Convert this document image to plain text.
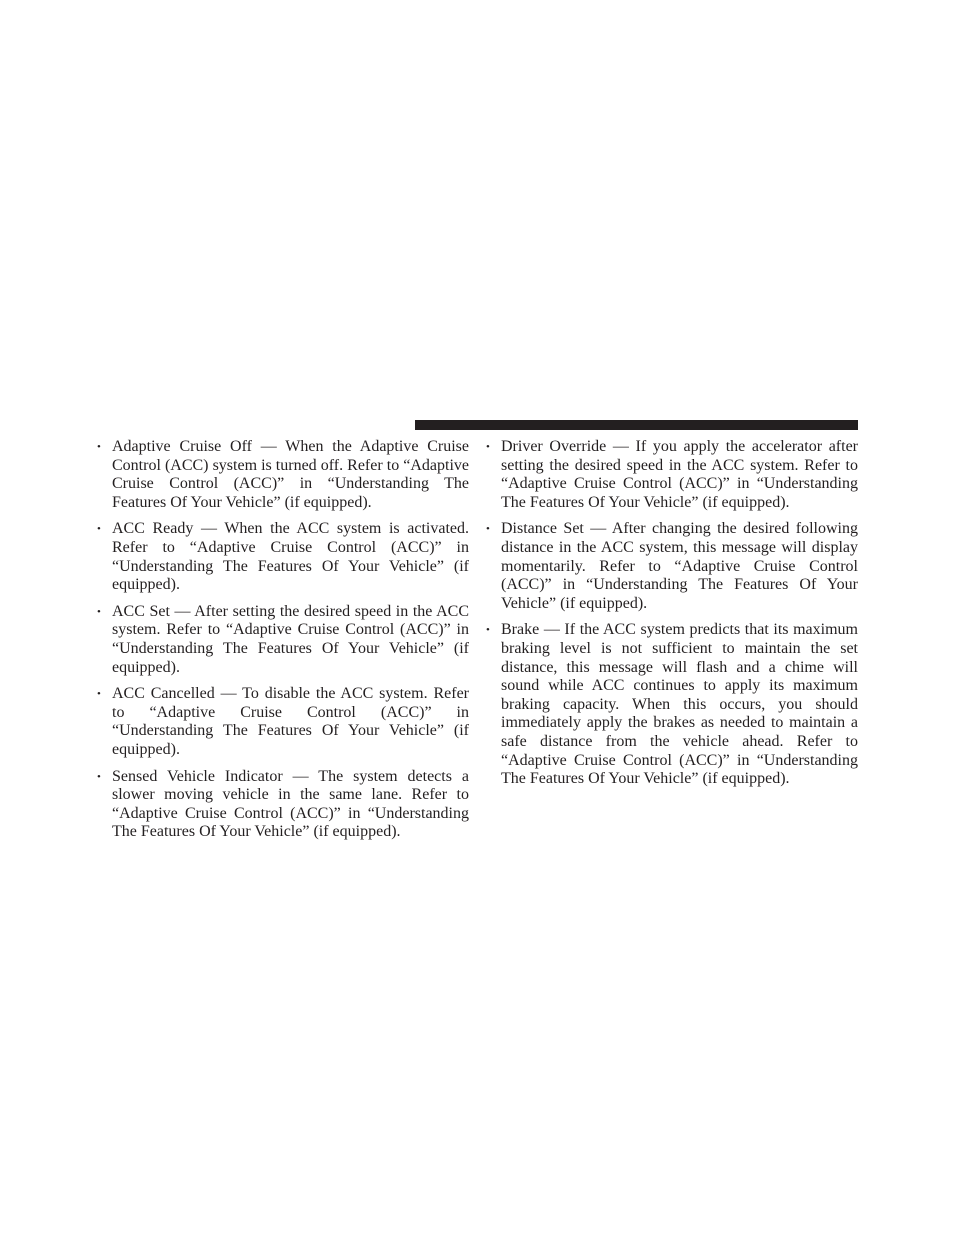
• Adaptive Cruise Off — When the Adaptive Cruise Control (ACC) system is turned off. Refer to “Adaptive Cruise Control (ACC)” in “Understanding The Features Of Your Vehicle” (if equipped).
• ACC Ready — When the ACC system is activated. Refer to “Adaptive Cruise Control (ACC)” in “Understanding The Features Of Your Vehicle” (if equipped).
• ACC Set — After setting the desired speed in the ACC system. Refer to “Adaptive Cruise Control (ACC)” in “Understanding The Features Of Your Vehicle” (if equipped).
• ACC Cancelled — To disable the ACC system. Refer to “Adaptive Cruise Control (ACC)” in “Understanding The Features Of Your Vehicle” (if equipped).
• Sensed Vehicle Indicator — The system detects a slower moving vehicle in the same lane. Refer to “Adaptive Cruise Control (ACC)” in “Understanding The Features Of Your Vehicle” (if equipped).
• Driver Override — If you apply the accelerator after setting the desired speed in the ACC system. Refer to “Adaptive Cruise Control (ACC)” in “Understanding The Features Of Your Vehicle” (if equipped).
• Distance Set — After changing the desired following distance in the ACC system, this message will display momentarily. Refer to “Adaptive Cruise Control (ACC)” in “Understanding The Features Of Your Vehicle” (if equipped).
• Brake — If the ACC system predicts that its maximum braking level is not sufficient to maintain the set distance, this message will flash and a chime will sound while ACC continues to apply its maximum braking capacity. When this occurs, you should immediately apply the brakes as needed to maintain a safe distance from the vehicle ahead. Refer to “Adaptive Cruise Control (ACC)” in “Understanding The Features Of Your Vehicle” (if equipped).
